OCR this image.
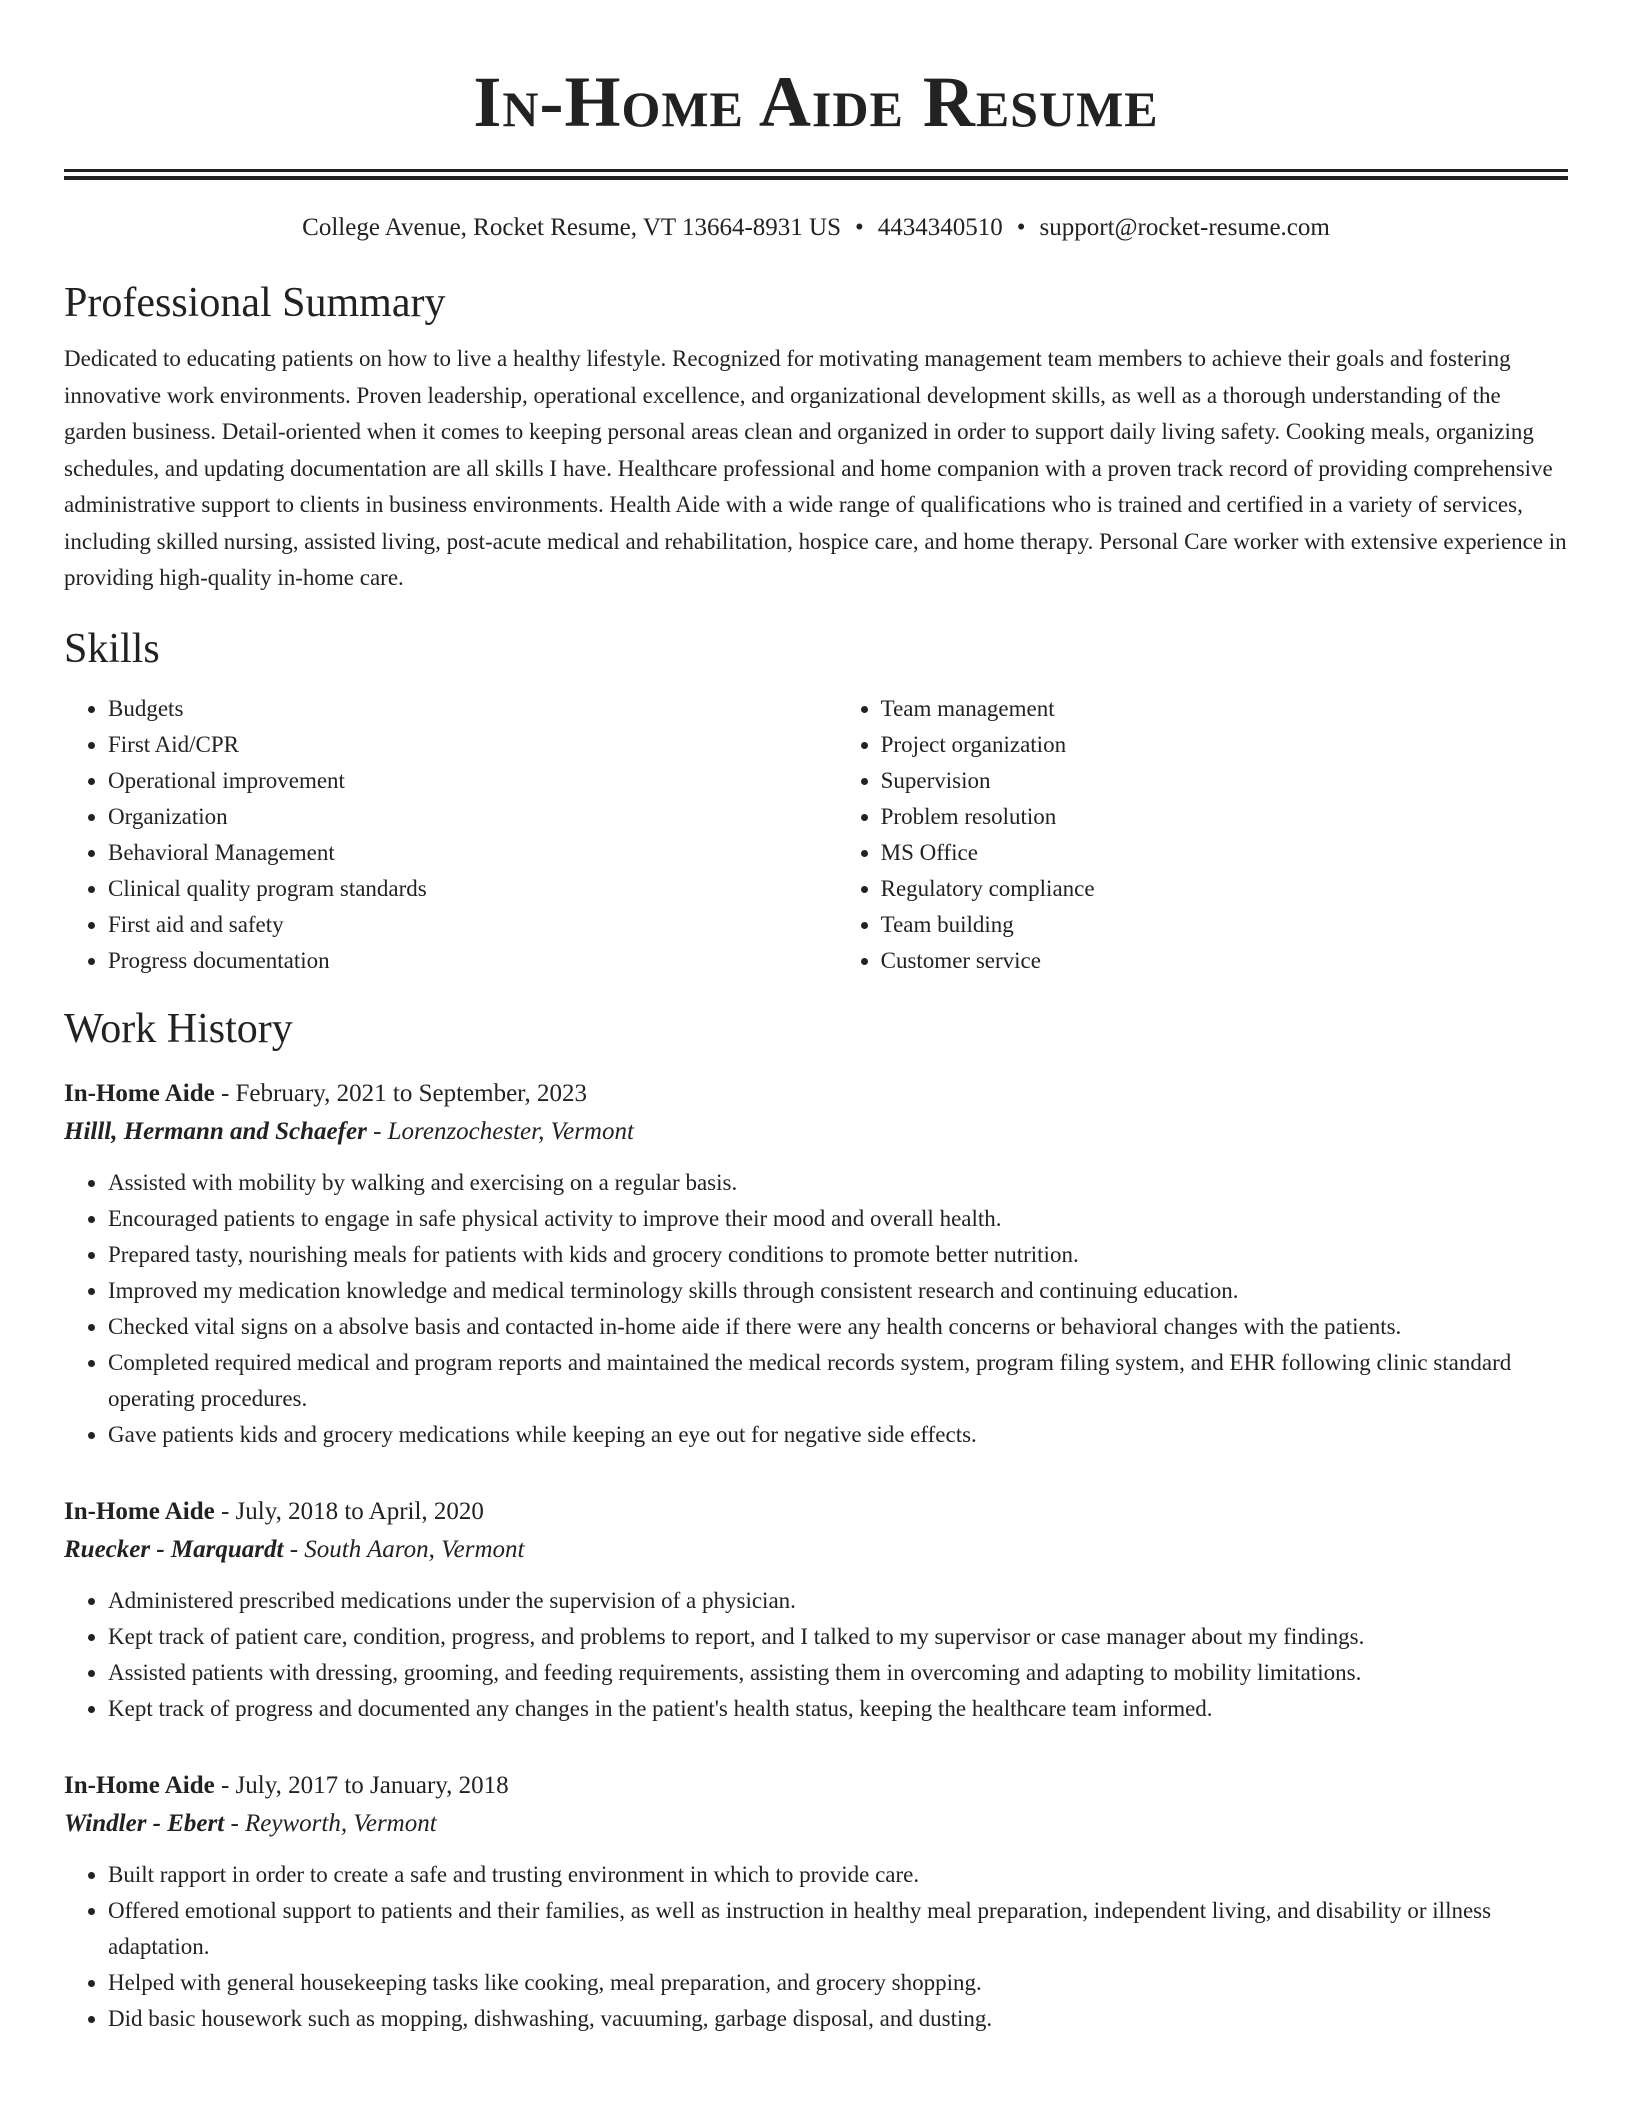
In-Home Aide Resume
College Avenue, Rocket Resume, VT 13664-8931 US • 4434340510 • support@rocket-resume.com
Professional Summary

Dedicated to educating patients on how to live a healthy lifestyle. Recognized for motivating management team members to achieve their goals and fostering innovative work environments. Proven leadership, operational excellence, and organizational development skills, as well as a thorough understanding of the garden business. Detail-oriented when it comes to keeping personal areas clean and organized in order to support daily living safety. Cooking meals, organizing schedules, and updating documentation are all skills I have. Healthcare professional and home companion with a proven track record of providing comprehensive administrative support to clients in business environments. Health Aide with a wide range of qualifications who is trained and certified in a variety of services, including skilled nursing, assisted living, post-acute medical and rehabilitation, hospice care, and home therapy. Personal Care worker with extensive experience in providing high-quality in-home care.

Skills
• Budgets
• First Aid/CPR
• Operational improvement
• Organization
• Behavioral Management
• Clinical quality program standards
• First aid and safety
• Progress documentation
• Team management
• Project organization
• Supervision
• Problem resolution
• MS Office
• Regulatory compliance
• Team building
• Customer service
Work History
In-Home Aide - February, 2021 to September, 2023
Hilll, Hermann and Schaefer - Lorenzochester, Vermont
• Assisted with mobility by walking and exercising on a regular basis.
• Encouraged patients to engage in safe physical activity to improve their mood and overall health.
• Prepared tasty, nourishing meals for patients with kids and grocery conditions to promote better nutrition.
• Improved my medication knowledge and medical terminology skills through consistent research and continuing education.
• Checked vital signs on a absolve basis and contacted in-home aide if there were any health concerns or behavioral changes with the patients.
• Completed required medical and program reports and maintained the medical records system, program filing system, and EHR following clinic standard operating procedures.
• Gave patients kids and grocery medications while keeping an eye out for negative side effects.
In-Home Aide - July, 2018 to April, 2020
Ruecker - Marquardt - South Aaron, Vermont
• Administered prescribed medications under the supervision of a physician.
• Kept track of patient care, condition, progress, and problems to report, and I talked to my supervisor or case manager about my findings.
• Assisted patients with dressing, grooming, and feeding requirements, assisting them in overcoming and adapting to mobility limitations.
• Kept track of progress and documented any changes in the patient's health status, keeping the healthcare team informed.
In-Home Aide - July, 2017 to January, 2018
Windler - Ebert - Reyworth, Vermont
• Built rapport in order to create a safe and trusting environment in which to provide care.
• Offered emotional support to patients and their families, as well as instruction in healthy meal preparation, independent living, and disability or illness adaptation.
• Helped with general housekeeping tasks like cooking, meal preparation, and grocery shopping.
• Did basic housework such as mopping, dishwashing, vacuuming, garbage disposal, and dusting.
